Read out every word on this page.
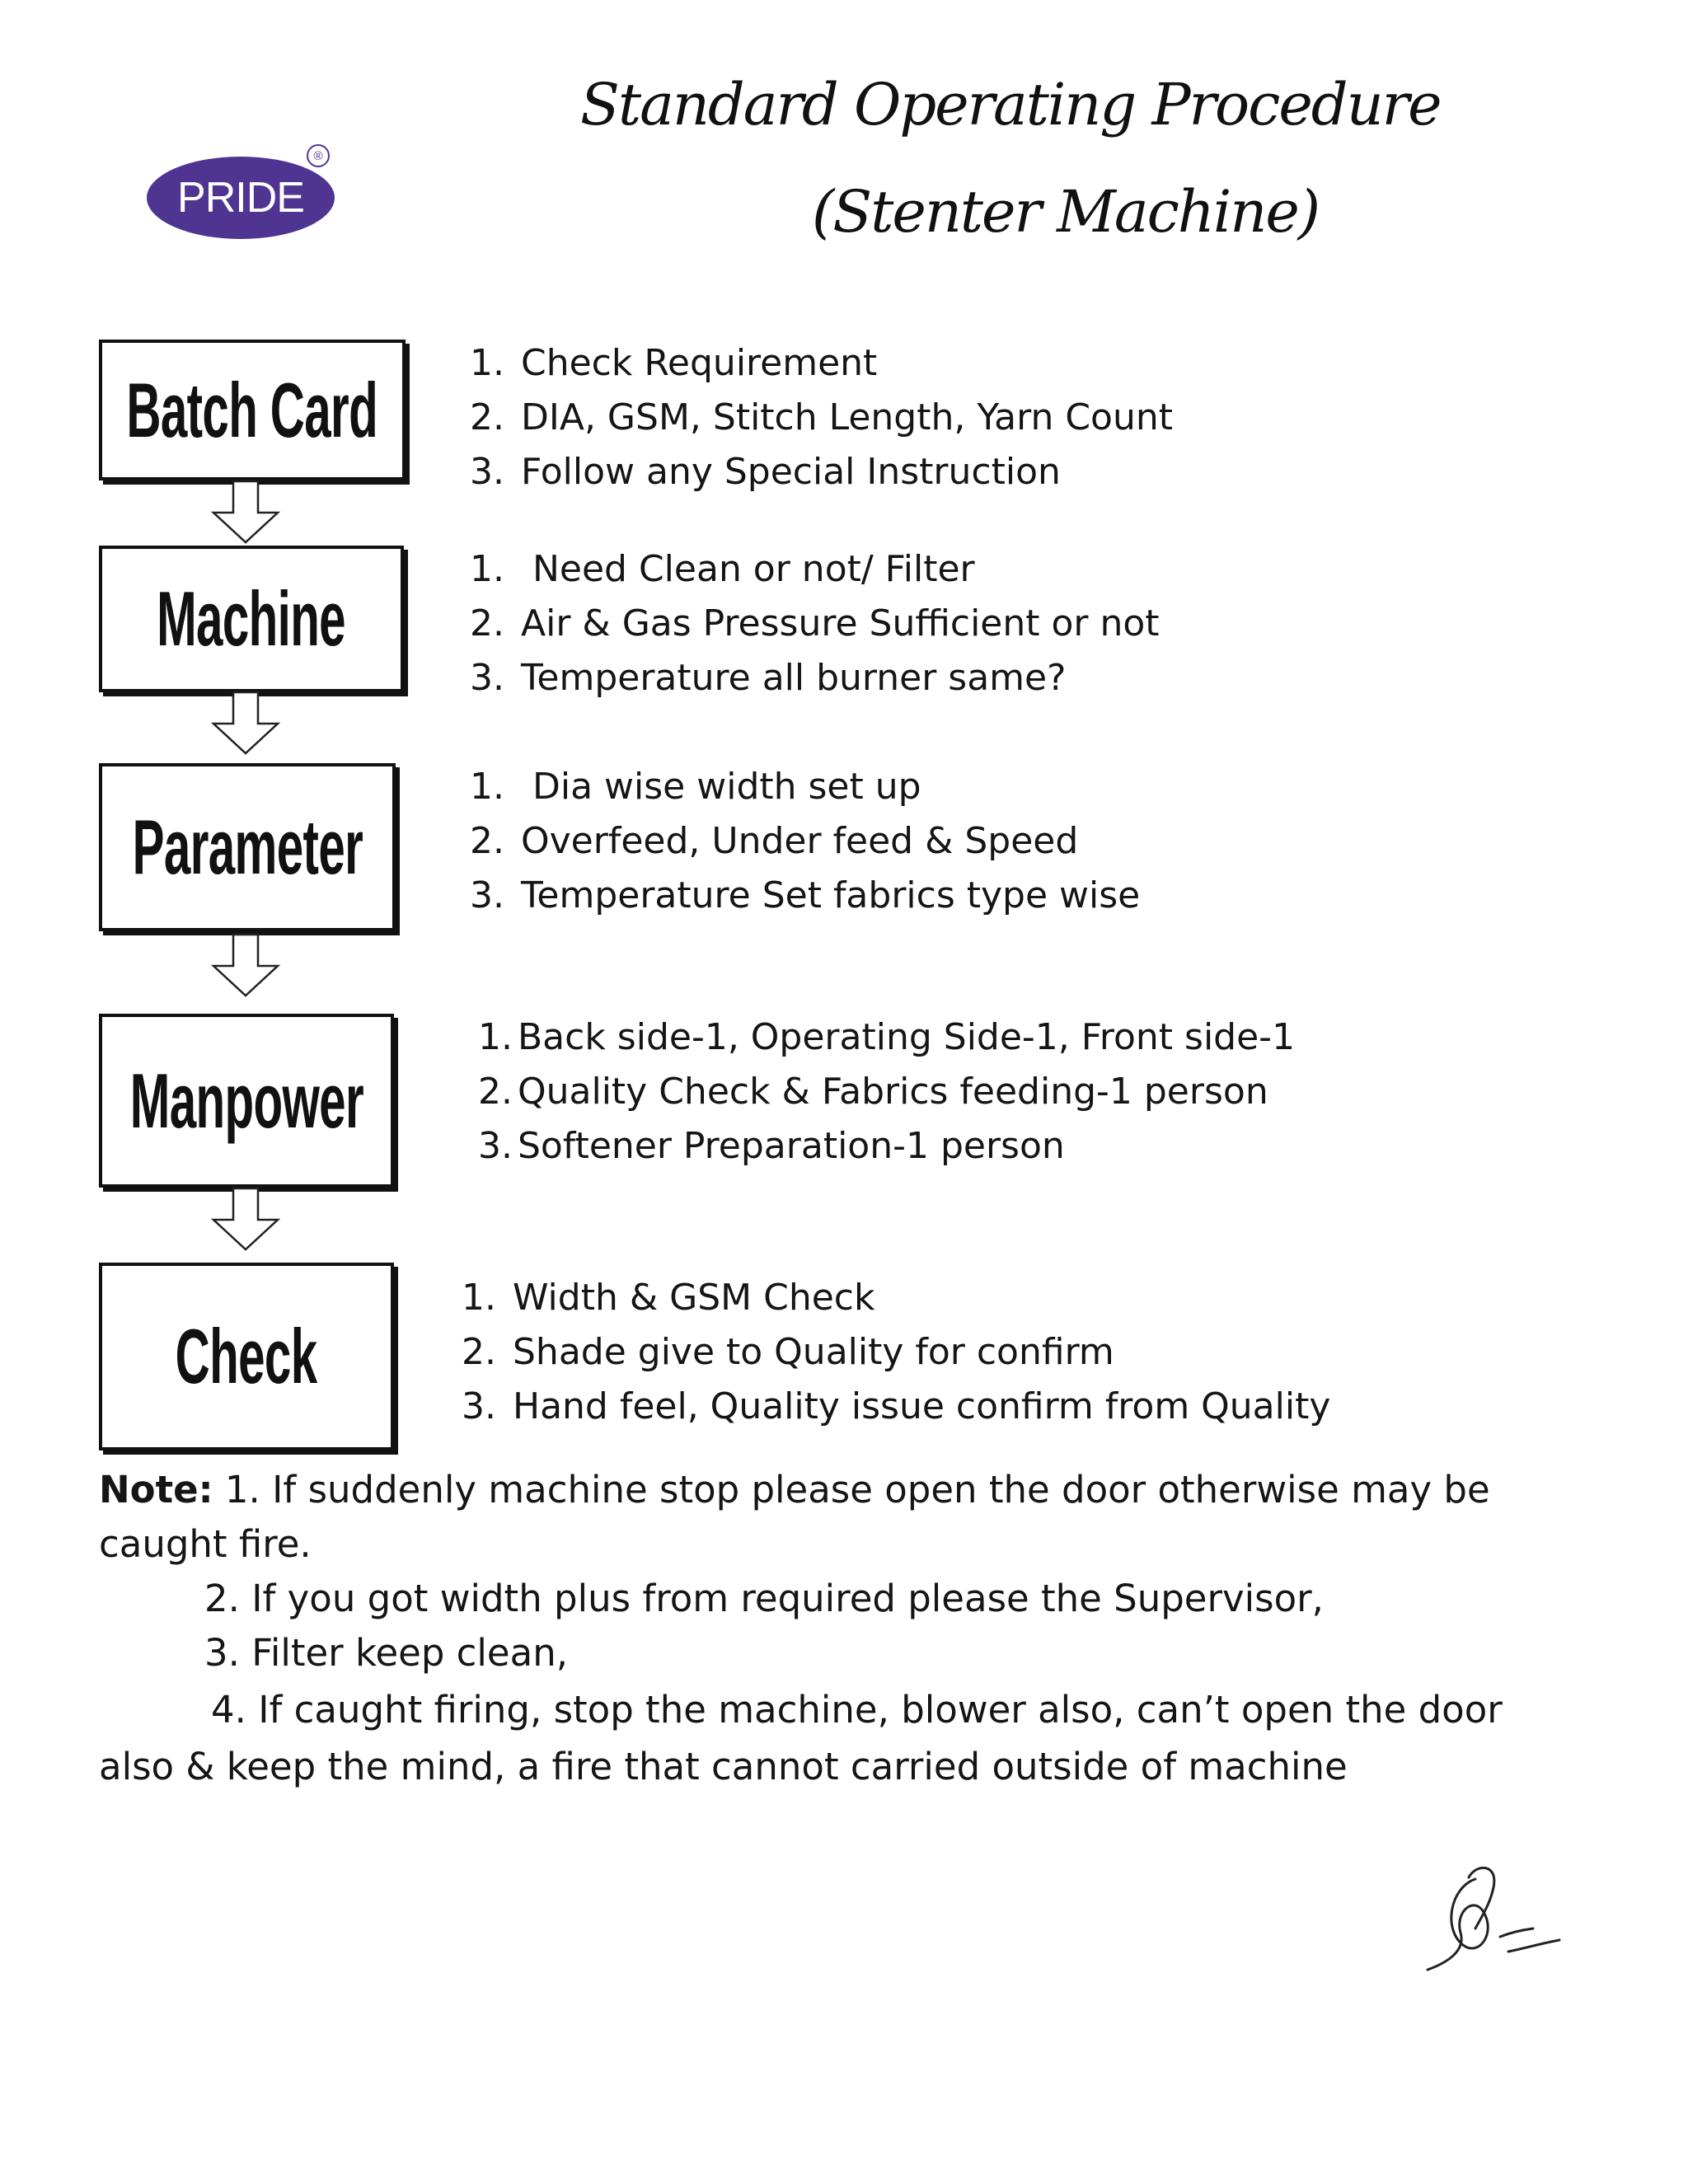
PRIDE
®
Standard Operating Procedure
(Stenter Machine)
Batch Card
1. Check Requirement
2. DIA, GSM, Stitch Length, Yarn Count
3. Follow any Special Instruction
Machine
1. Need Clean or not/ Filter
2. Air & Gas Pressure Sufficient or not
3. Temperature all burner same?
Parameter
1. Dia wise width set up
2. Overfeed, Under feed & Speed
3. Temperature Set fabrics type wise
Manpower
1. Back side-1, Operating Side-1, Front side-1
2. Quality Check & Fabrics feeding-1 person
3. Softener Preparation-1 person
Check
1. Width & GSM Check
2. Shade give to Quality for confirm
3. Hand feel, Quality issue confirm from Quality
Note: 1. If suddenly machine stop please open the door otherwise may be
caught fire.
2. If you got width plus from required please the Supervisor,
3. Filter keep clean,
4. If caught firing, stop the machine, blower also, can’t open the door
also & keep the mind, a fire that cannot carried outside of machine
